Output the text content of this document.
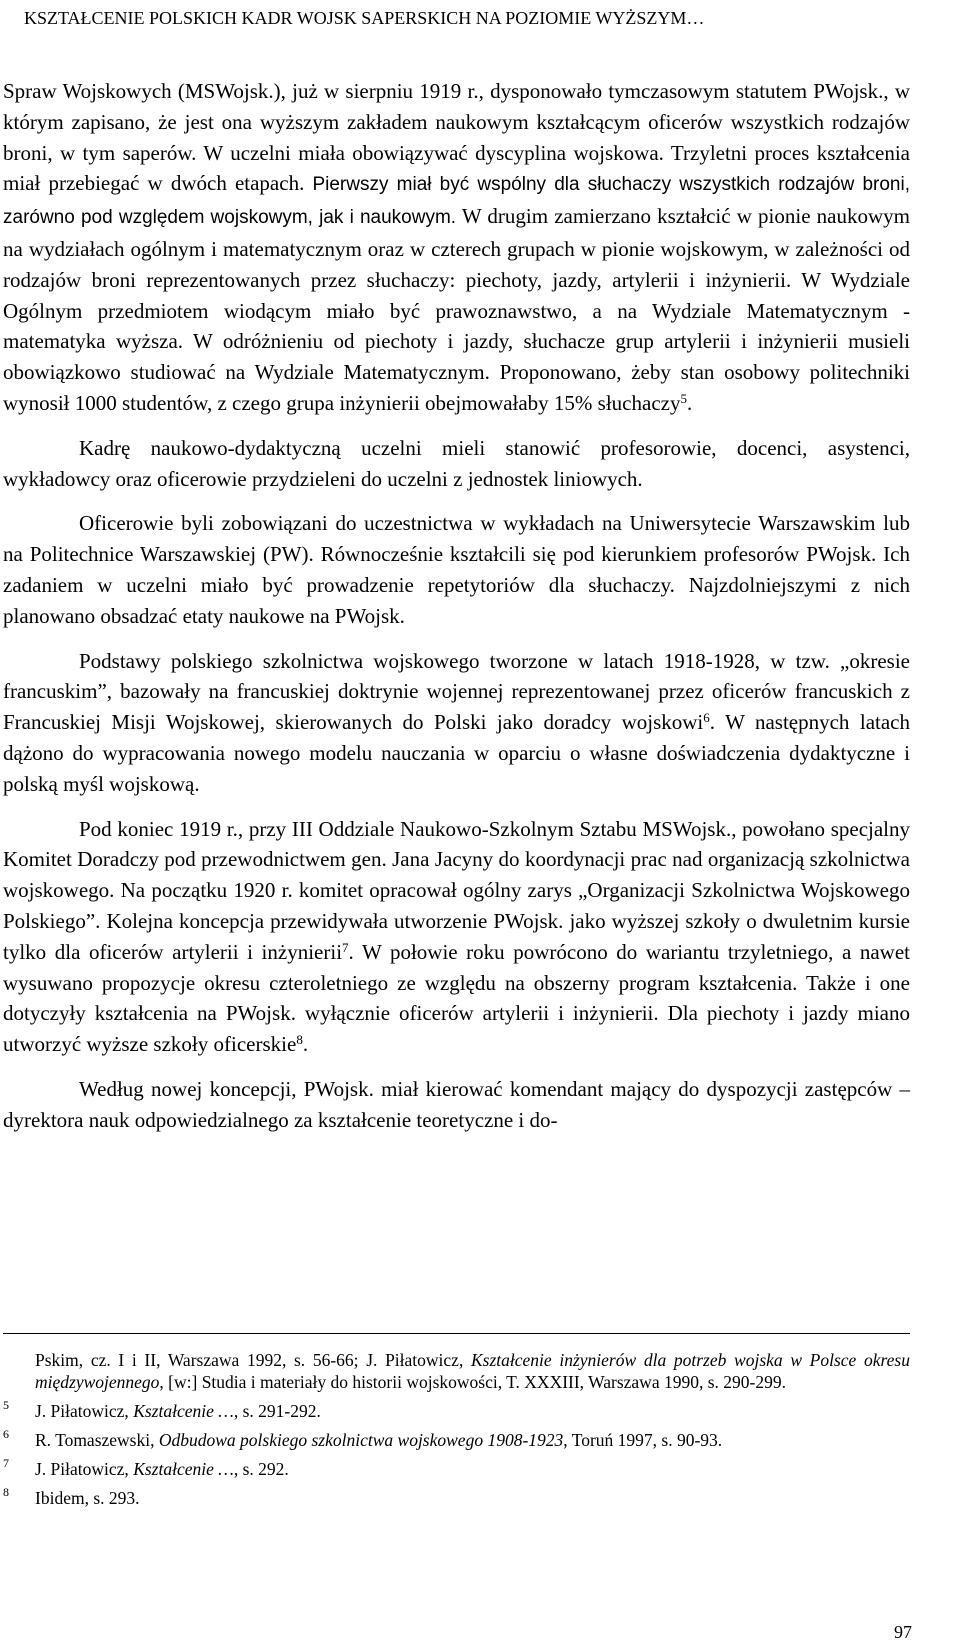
KSZTAŁCENIE POLSKICH KADR WOJSK SAPERSKICH NA POZIOMIE WYŻSZYM…

Spraw Wojskowych (MSWojsk.), już w sierpniu 1919 r., dysponowało tymczasowym statutem PWojsk., w którym zapisano, że jest ona wyższym zakładem naukowym kształcącym oficerów wszystkich rodzajów broni, w tym saperów. W uczelni miała obowiązywać dyscyplina wojskowa. Trzyletni proces kształcenia miał przebiegać w dwóch etapach. Pierwszy miał być wspólny dla słuchaczy wszystkich rodzajów broni, zarówno pod względem wojskowym, jak i naukowym. W drugim zamierzano kształcić w pionie naukowym na wydziałach ogólnym i matematycznym oraz w czterech grupach w pionie wojskowym, w zależności od rodzajów broni reprezentowanych przez słuchaczy: piechoty, jazdy, artylerii i inżynierii. W Wydziale Ogólnym przedmiotem wiodącym miało być prawoznawstwo, a na Wydziale Matematycznym - matematyka wyższa. W odróżnieniu od piechoty i jazdy, słuchacze grup artylerii i inżynierii musieli obowiązkowo studiować na Wydziale Matematycznym. Proponowano, żeby stan osobowy politechniki wynosił 1000 studentów, z czego grupa inżynierii obejmowałaby 15% słuchaczy$^5$.

Kadrę naukowo-dydaktyczną uczelni mieli stanowić profesorowie, docenci, asystenci, wykładowcy oraz oficerowie przydzieleni do uczelni z jednostek liniowych.

Oficerowie byli zobowiązani do uczestnictwa w wykładach na Uniwersytecie Warszawskim lub na Politechnice Warszawskiej (PW). Równocześnie kształcili się pod kierunkiem profesorów PWojsk. Ich zadaniem w uczelni miało być prowadzenie repetytoriów dla słuchaczy. Najzdolniejszymi z nich planowano obsadzać etaty naukowe na PWojsk.

Podstawy polskiego szkolnictwa wojskowego tworzone w latach 1918-1928, w tzw. „okresie francuskim”, bazowały na francuskiej doktrynie wojennej reprezentowanej przez oficerów francuskich z Francuskiej Misji Wojskowej, skierowanych do Polski jako doradcy wojskowi$^6$. W następnych latach dążono do wypracowania nowego modelu nauczania w oparciu o własne doświadczenia dydaktyczne i polską myśl wojskową.

Pod koniec 1919 r., przy III Oddziale Naukowo-Szkolnym Sztabu MSWojsk., powołano specjalny Komitet Doradczy pod przewodnictwem gen. Jana Jacyny do koordynacji prac nad organizacją szkolnictwa wojskowego. Na początku 1920 r. komitet opracował ogólny zarys „Organizacji Szkolnictwa Wojskowego Polskiego”. Kolejna koncepcja przewidywała utworzenie PWojsk. jako wyższej szkoły o dwuletnim kursie tylko dla oficerów artylerii i inżynierii$^7$. W połowie roku powrócono do wariantu trzyletniego, a nawet wysuwano propozycje okresu czteroletniego ze względu na obszerny program kształcenia. Także i one dotyczyły kształcenia na PWojsk. wyłącznie oficerów artylerii i inżynierii. Dla piechoty i jazdy miano utworzyć wyższe szkoły oficerskie$^8$.

Według nowej koncepcji, PWojsk. miał kierować komendant mający do dyspozycji zastępców – dyrektora nauk odpowiedzialnego za kształcenie teoretyczne i do-

Pskim, cz. I i II, Warszawa 1992, s. 56-66; J. Piłatowicz, Kształcenie inżynierów dla potrzeb wojska w Polsce okresu międzywojennego, [w:] Studia i materiały do historii wojskowości, T. XXXIII, Warszawa 1990, s. 290-299.
5 J. Piłatowicz, Kształcenie …, s. 291-292.
6 R. Tomaszewski, Odbudowa polskiego szkolnictwa wojskowego 1908-1923, Toruń 1997, s. 90-93.
7 J. Piłatowicz, Kształcenie …, s. 292.
8 Ibidem, s. 293.
97
